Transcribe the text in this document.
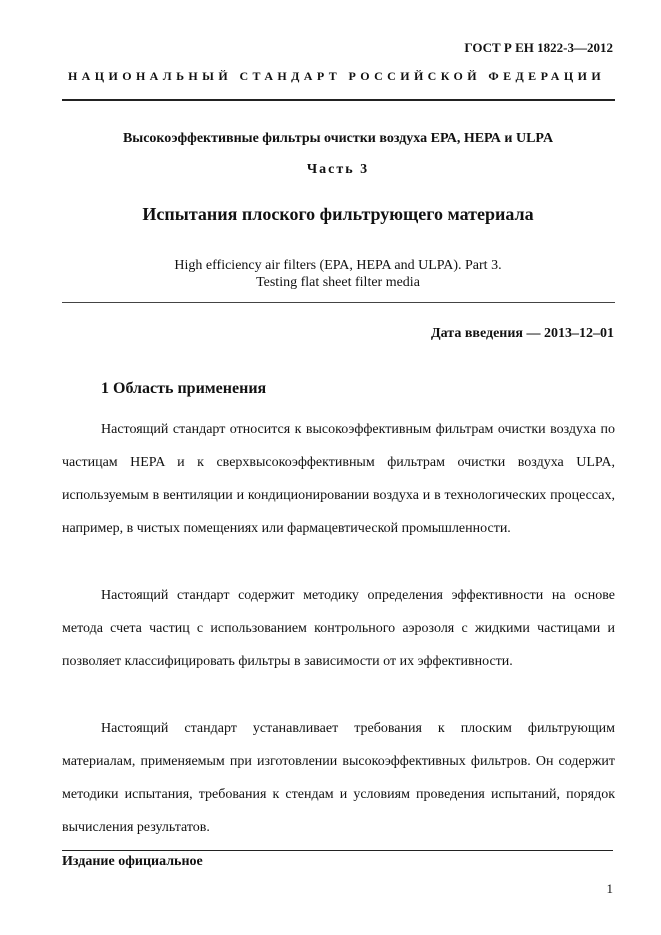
ГОСТ Р ЕН 1822-3—2012
НАЦИОНАЛЬНЫЙ СТАНДАРТ РОССИЙСКОЙ ФЕДЕРАЦИИ
Высокоэффективные фильтры очистки воздуха ЕРА, НЕРА и ULPA
Часть 3
Испытания плоского фильтрующего материала
High efficiency air filters (EPA, HEPA and ULPA). Part 3.
Testing flat sheet filter media
Дата введения — 2013–12–01
1 Область применения

Настоящий стандарт относится к высокоэффективным фильтрам очистки воздуха по частицам HEPA и к сверхвысокоэффективным фильтрам очистки воздуха ULPA, используемым в вентиляции и кондиционировании воздуха и в технологических процессах, например, в чистых помещениях или фармацевтической промышленности.

Настоящий стандарт содержит методику определения эффективности на основе метода счета частиц с использованием контрольного аэрозоля с жидкими частицами и позволяет классифицировать фильтры в зависимости от их эффективности.

Настоящий стандарт устанавливает требования к плоским фильтрующим материалам, применяемым при изготовлении высокоэффективных фильтров. Он содержит методики испытания, требования к стендам и условиям проведения испытаний, порядок вычисления результатов.

Издание официальное
1
